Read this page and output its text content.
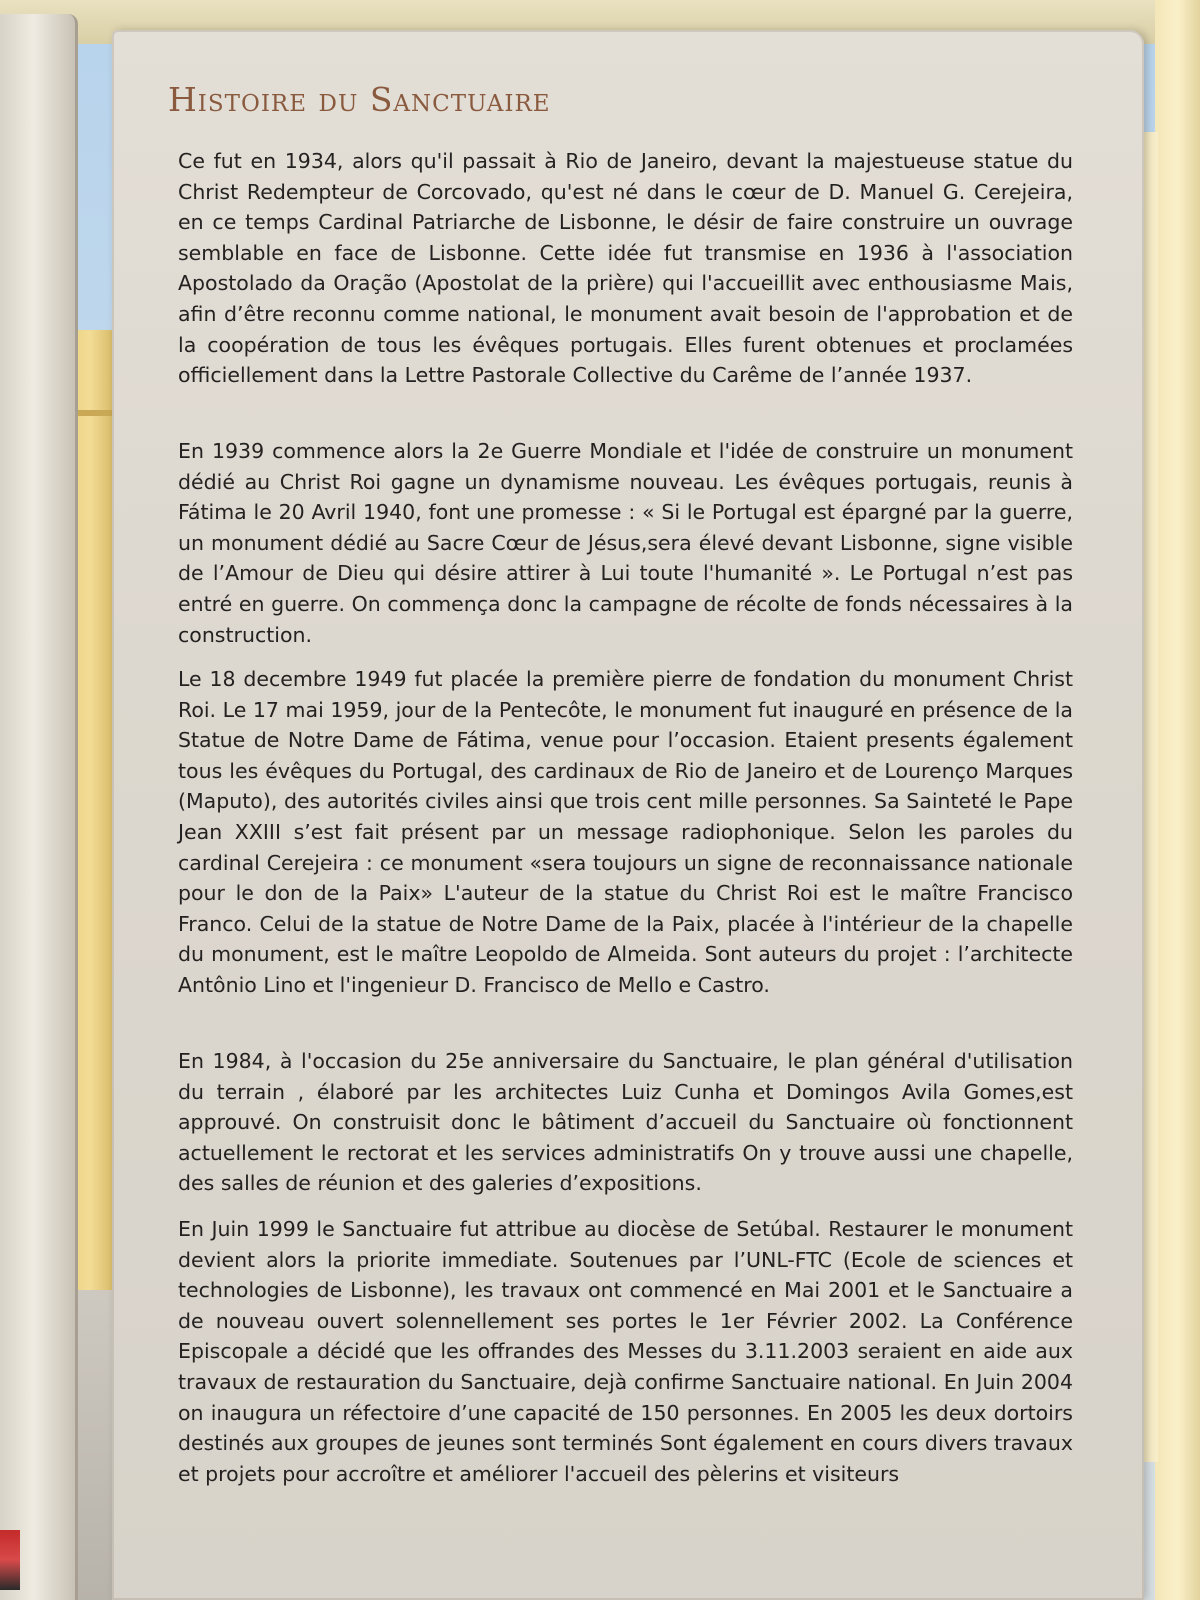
Histoire du Sanctuaire

Ce fut en 1934, alors qu'il passait à Rio de Janeiro, devant la majestueuse statue du Christ Redempteur de Corcovado, qu'est né dans le cœur de D. Manuel G. Cerejeira, en ce temps Cardinal Patriarche de Lisbonne, le désir de faire construire un ouvrage semblable en face de Lisbonne. Cette idée fut transmise en 1936 à l'association Apostolado da Oração (Apostolat de la prière) qui l'accueillit avec enthousiasme Mais, afin d’être reconnu comme national, le monument avait besoin de l'approbation et de la coopération de tous les évêques portugais. Elles furent obtenues et proclamées officiellement dans la Lettre Pastorale Collective du Carême de l’année 1937.

En 1939 commence alors la 2e Guerre Mondiale et l'idée de construire un monument dédié au Christ Roi gagne un dynamisme nouveau. Les évêques portugais, reunis à Fátima le 20 Avril 1940, font une promesse : « Si le Portugal est épargné par la guerre, un monument dédié au Sacre Cœur de Jésus,sera élevé devant Lisbonne, signe visible de l’Amour de Dieu qui désire attirer à Lui toute l'humanité ». Le Portugal n’est pas entré en guerre. On commença donc la campagne de récolte de fonds nécessaires à la construction.

Le 18 decembre 1949 fut placée la première pierre de fondation du monument Christ Roi. Le 17 mai 1959, jour de la Pentecôte, le monument fut inauguré en présence de la Statue de Notre Dame de Fátima, venue pour l’occasion. Etaient presents également tous les évêques du Portugal, des cardinaux de Rio de Janeiro et de Lourenço Marques (Maputo), des autorités civiles ainsi que trois cent mille personnes. Sa Sainteté le Pape Jean XXIII s’est fait présent par un message radiophonique. Selon les paroles du cardinal Cerejeira : ce monument «sera toujours un signe de reconnaissance nationale pour le don de la Paix» L'auteur de la statue du Christ Roi est le maître Francisco Franco. Celui de la statue de Notre Dame de la Paix, placée à l'intérieur de la chapelle du monument, est le maître Leopoldo de Almeida. Sont auteurs du projet : l’architecte Antônio Lino et l'ingenieur D. Francisco de Mello e Castro.

En 1984, à l'occasion du 25e anniversaire du Sanctuaire, le plan général d'utilisation du terrain , élaboré par les architectes Luiz Cunha et Domingos Avila Gomes,est approuvé. On construisit donc le bâtiment d’accueil du Sanctuaire où fonctionnent actuellement le rectorat et les services administratifs On y trouve aussi une chapelle, des salles de réunion et des galeries d’expositions.

En Juin 1999 le Sanctuaire fut attribue au diocèse de Setúbal. Restaurer le monument devient alors la priorite immediate. Soutenues par l’UNL-FTC (Ecole de sciences et technologies de Lisbonne), les travaux ont commencé en Mai 2001 et le Sanctuaire a de nouveau ouvert solennellement ses portes le 1er Février 2002. La Conférence Episcopale a décidé que les offrandes des Messes du 3.11.2003 seraient en aide aux travaux de restauration du Sanctuaire, dejà confirme Sanctuaire national. En Juin 2004 on inaugura un réfectoire d’une capacité de 150 personnes. En 2005 les deux dortoirs destinés aux groupes de jeunes sont terminés Sont également en cours divers travaux et projets pour accroître et améliorer l'accueil des pèlerins et visiteurs
